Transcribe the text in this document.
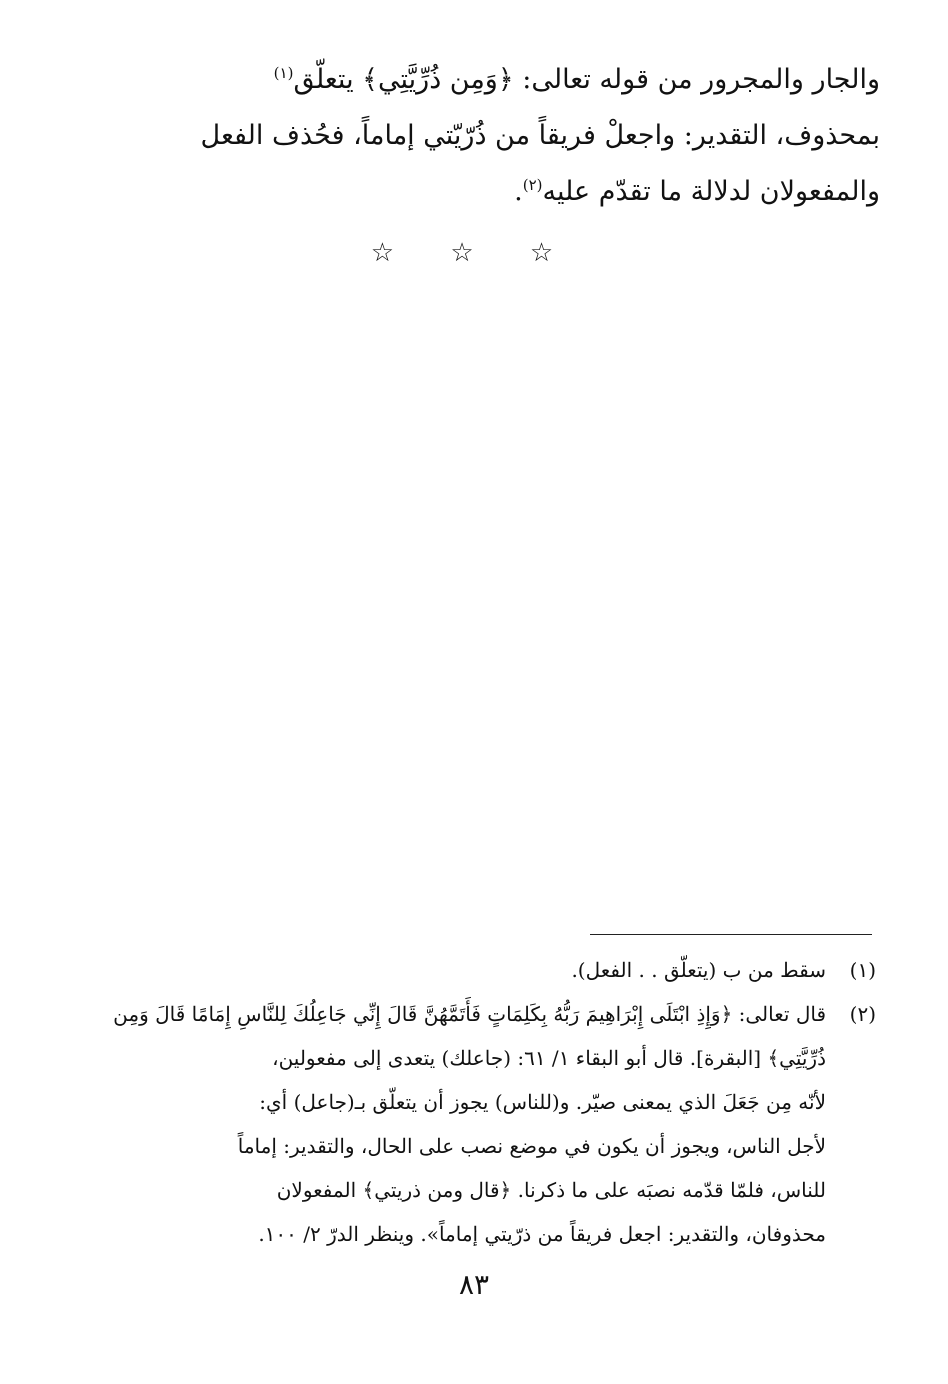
والجار والمجرور من قوله تعالى: ﴿وَمِن ذُرِّيَّتِي﴾ يتعلّق$^{(١)}$
بمحذوف، التقدير: واجعلْ فريقاً من ذُرّيّتي إماماً، فحُذف الفعل
والمفعولان لدلالة ما تقدّم عليه$^{(٢)}$.
☆ ☆ ☆
(١)
سقط من ب (يتعلّق . . الفعل).
(٢)
قال تعالى: ﴿وَإِذِ ابْتَلَى إِبْرَاهِيمَ رَبُّهُ بِكَلِمَاتٍ فَأَتَمَّهُنَّ قَالَ إِنِّي جَاعِلُكَ لِلنَّاسِ إِمَامًا قَالَ وَمِن
ذُرِّيَّتِي﴾ [البقرة]. قال أبو البقاء ١/ ٦١: (جاعلك) يتعدى إلى مفعولين،
لأنّه مِن جَعَلَ الذي يمعنى صيّر. و(للناس) يجوز أن يتعلّق بـ(جاعل) أي:
لأجل الناس، ويجوز أن يكون في موضع نصب على الحال، والتقدير: إماماً
للناس، فلمّا قدّمه نصبَه على ما ذكرنا. ﴿قال ومن ذريتي﴾ المفعولان
محذوفان، والتقدير: اجعل فريقاً من ذرّيتي إماماً». وينظر الدرّ ٢/ ١٠٠.
٨٣
